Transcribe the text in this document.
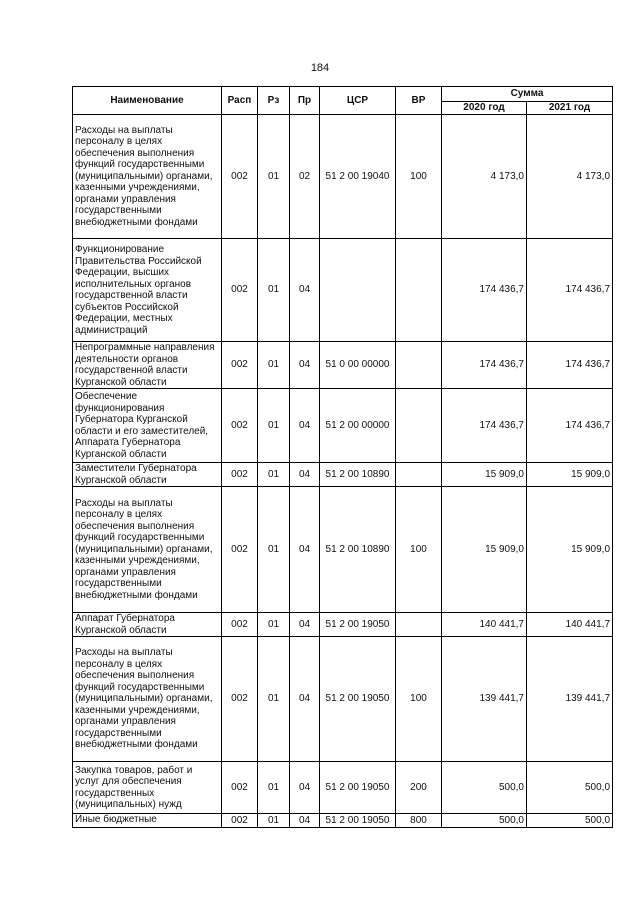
184
Наименование	Расп	Рз	Пр	ЦСР	ВР	Сумма	
						2020 год	2021 год
Расходы на выплаты персоналу в целях обеспечения выполнения функций государственными (муниципальными) органами, казенными учреждениями, органами управления государственными внебюджетными фондами	002	01	02	51 2 00 19040	100	4 173,0	4 173,0
Функционирование Правительства Российской Федерации, высших исполнительных органов государственной власти субъектов Российской Федерации, местных администраций	002	01	04			174 436,7	174 436,7
Непрограммные направления деятельности органов государственной власти Курганской области	002	01	04	51 0 00 00000		174 436,7	174 436,7
Обеспечение функционирования Губернатора Курганской области и его заместителей, Аппарата Губернатора Курганской области	002	01	04	51 2 00 00000		174 436,7	174 436,7
Заместители Губернатора Курганской области	002	01	04	51 2 00 10890		15 909,0	15 909,0
Расходы на выплаты персоналу в целях обеспечения выполнения функций государственными (муниципальными) органами, казенными учреждениями, органами управления государственными внебюджетными фондами	002	01	04	51 2 00 10890	100	15 909,0	15 909,0
Аппарат Губернатора Курганской области	002	01	04	51 2 00 19050		140 441,7	140 441,7
Расходы на выплаты персоналу в целях обеспечения выполнения функций государственными (муниципальными) органами, казенными учреждениями, органами управления государственными внебюджетными фондами	002	01	04	51 2 00 19050	100	139 441,7	139 441,7
Закупка товаров, работ и услуг для обеспечения государственных (муниципальных) нужд	002	01	04	51 2 00 19050	200	500,0	500,0
Иные бюджетные	002	01	04	51 2 00 19050	800	500,0	500,0
